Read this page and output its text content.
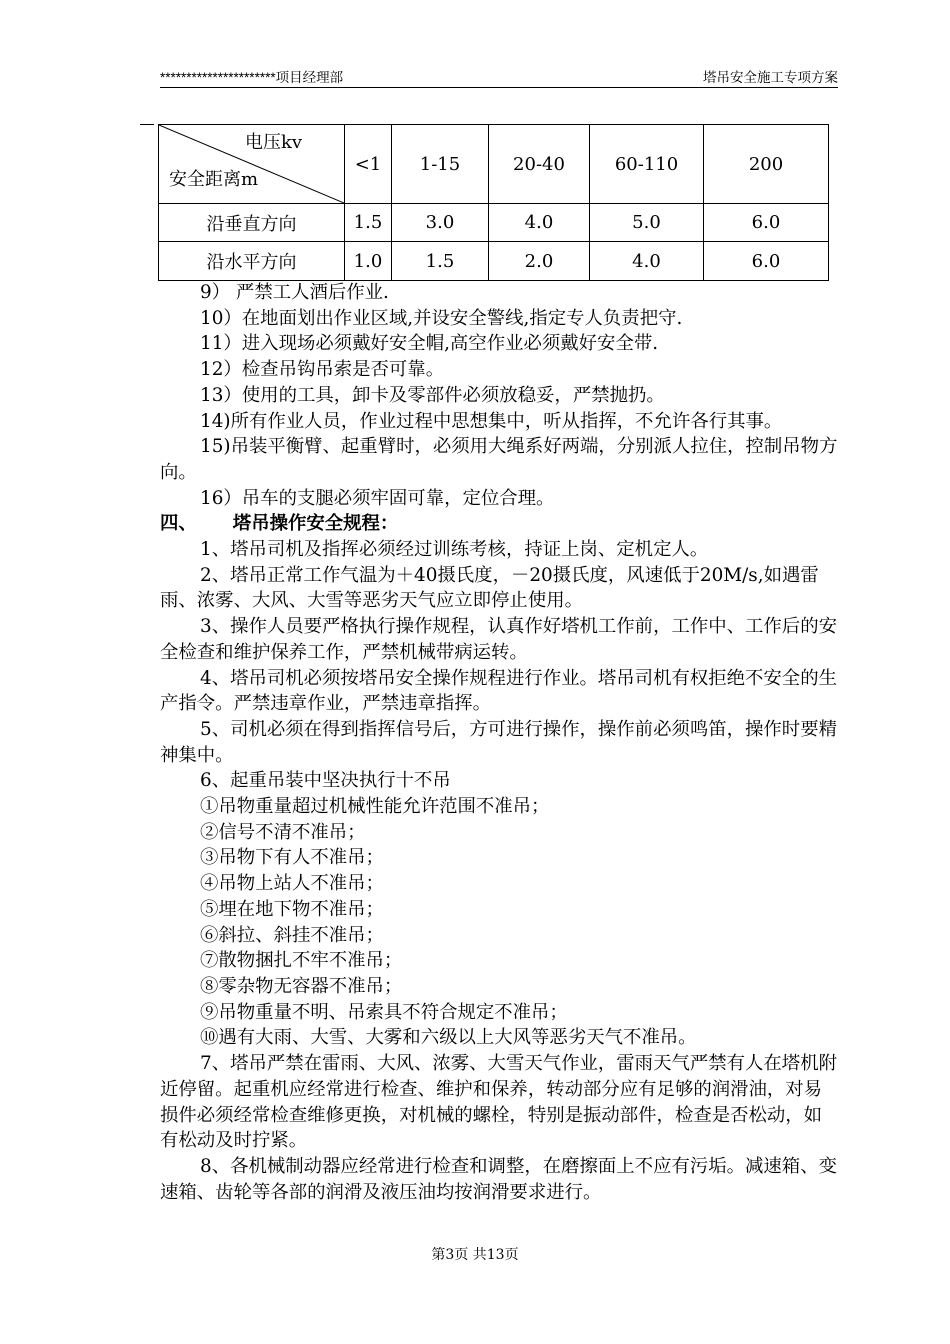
**********************项目经理部	塔吊安全施工专项方案
电压kv
安全距离m	<1	1-15	20-40	60-110	200
沿垂直方向	1.5	3.0	4.0	5.0	6.0
沿水平方向	1.0	1.5	2.0	4.0	6.0

9） 严禁工人酒后作业.

10）在地面划出作业区域,并设安全警线,指定专人负责把守.

11）进入现场必须戴好安全帽,高空作业必须戴好安全带.

12）检查吊钩吊索是否可靠。

13）使用的工具，卸卡及零部件必须放稳妥，严禁抛扔。

14)所有作业人员，作业过程中思想集中，听从指挥，不允许各行其事。

15)吊装平衡臂、起重臂时，必须用大绳系好两端，分别派人拉住，控制吊物方向。

16）吊车的支腿必须牢固可靠，定位合理。

四、 塔吊操作安全规程：

1、塔吊司机及指挥必须经过训练考核，持证上岗、定机定人。

2、塔吊正常工作气温为＋40摄氏度，－20摄氏度，风速低于20M/s,如遇雷雨、浓雾、大风、大雪等恶劣天气应立即停止使用。

3、操作人员要严格执行操作规程，认真作好塔机工作前，工作中、工作后的安全检查和维护保养工作，严禁机械带病运转。

4、塔吊司机必须按塔吊安全操作规程进行作业。塔吊司机有权拒绝不安全的生产指令。严禁违章作业，严禁违章指挥。

5、司机必须在得到指挥信号后，方可进行操作，操作前必须鸣笛，操作时要精神集中。

6、起重吊装中坚决执行十不吊

①吊物重量超过机械性能允许范围不准吊；

②信号不清不准吊；

③吊物下有人不准吊；

④吊物上站人不准吊；

⑤埋在地下物不准吊；

⑥斜拉、斜挂不准吊；

⑦散物捆扎不牢不准吊；

⑧零杂物无容器不准吊；

⑨吊物重量不明、吊索具不符合规定不准吊；

⑩遇有大雨、大雪、大雾和六级以上大风等恶劣天气不准吊。

7、塔吊严禁在雷雨、大风、浓雾、大雪天气作业，雷雨天气严禁有人在塔机附近停留。起重机应经常进行检查、维护和保养，转动部分应有足够的润滑油，对易损件必须经常检查维修更换，对机械的螺栓，特别是振动部件，检查是否松动，如有松动及时拧紧。

8、各机械制动器应经常进行检查和调整，在磨擦面上不应有污垢。减速箱、变速箱、齿轮等各部的润滑及液压油均按润滑要求进行。

第3页 共13页
